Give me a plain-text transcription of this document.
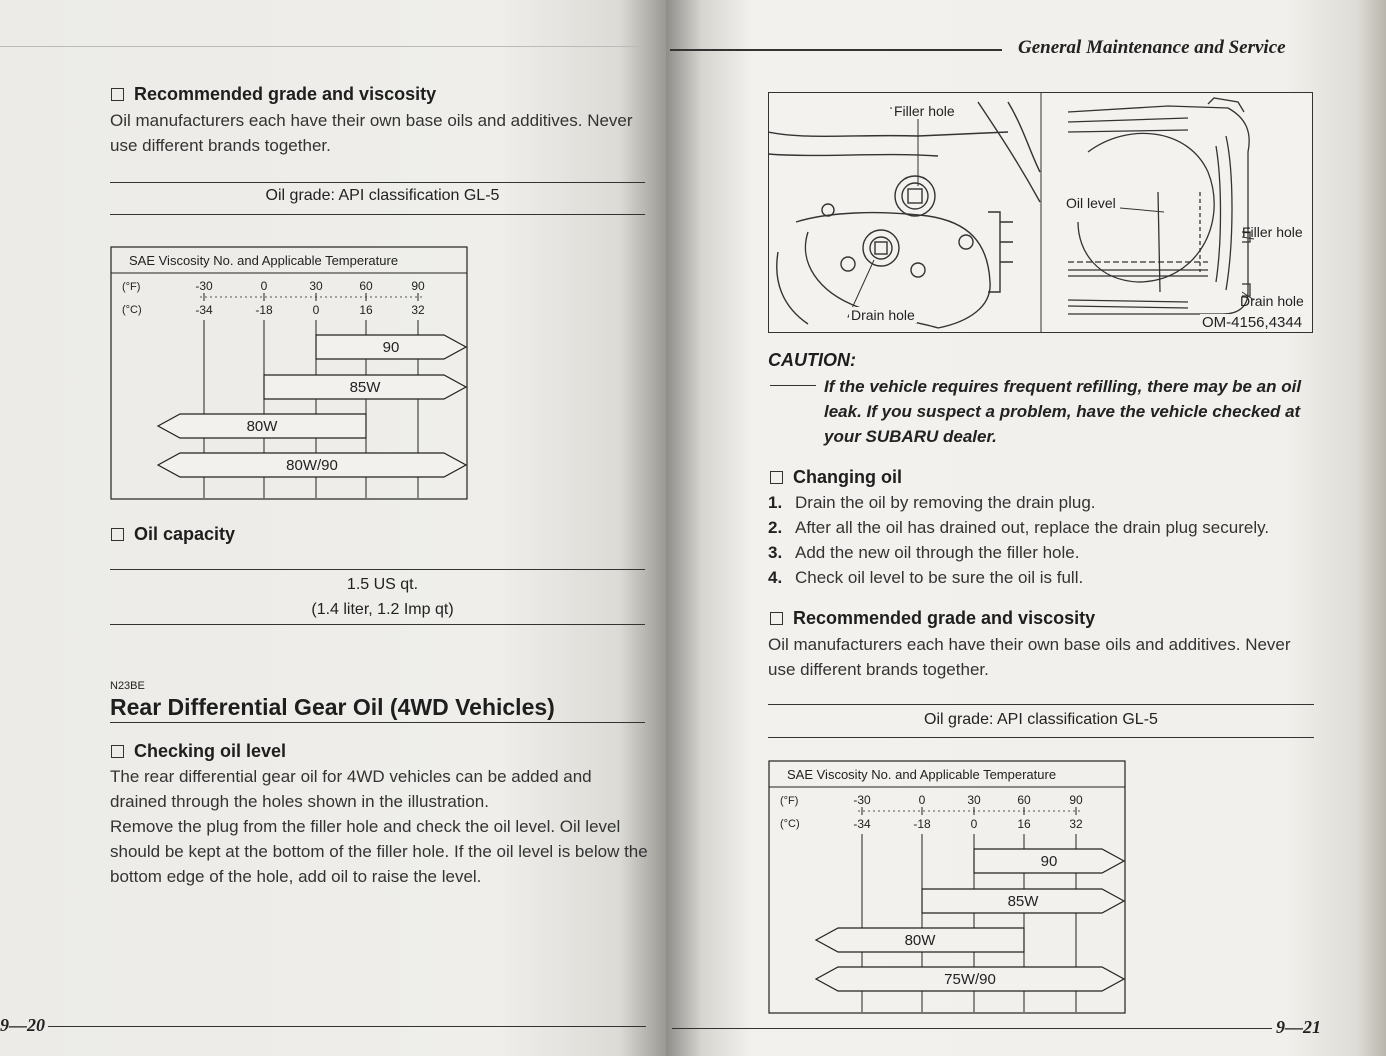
Recommended grade and viscosity
Oil manufacturers each have their own base oils and additives. Never use different brands together.
Oil grade: API classification GL-5
SAE Viscosity No. and Applicable Temperature
(°F)
(°C)
-30	0	30	60	90
-34	-18	0	16	32
90
85W
80W
80W/90
Oil capacity
1.5 US qt.
(1.4 liter, 1.2 Imp qt)
N23BE
Rear Differential Gear Oil (4WD Vehicles)
Checking oil level
The rear differential gear oil for 4WD vehicles can be added and drained through the holes shown in the illustration.
Remove the plug from the filler hole and check the oil level. Oil level should be kept at the bottom of the filler hole. If the oil level is below the bottom edge of the hole, add oil to raise the level.
9—20
General Maintenance and Service
Filler hole
Drain hole
Oil level
Filler hole
Drain hole
OM-4156,4344
CAUTION:
If the vehicle requires frequent refilling, there may be an oil leak. If you suspect a problem, have the vehicle checked at your SUBARU dealer.
Changing oil
1. Drain the oil by removing the drain plug.
2. After all the oil has drained out, replace the drain plug securely.
3. Add the new oil through the filler hole.
4. Check oil level to be sure the oil is full.
Recommended grade and viscosity
Oil manufacturers each have their own base oils and additives. Never use different brands together.
Oil grade: API classification GL-5
SAE Viscosity No. and Applicable Temperature
(°F)
(°C)
-30	0	30	60	90
-34	-18	0	16	32
90
85W
80W
75W/90
9—21
